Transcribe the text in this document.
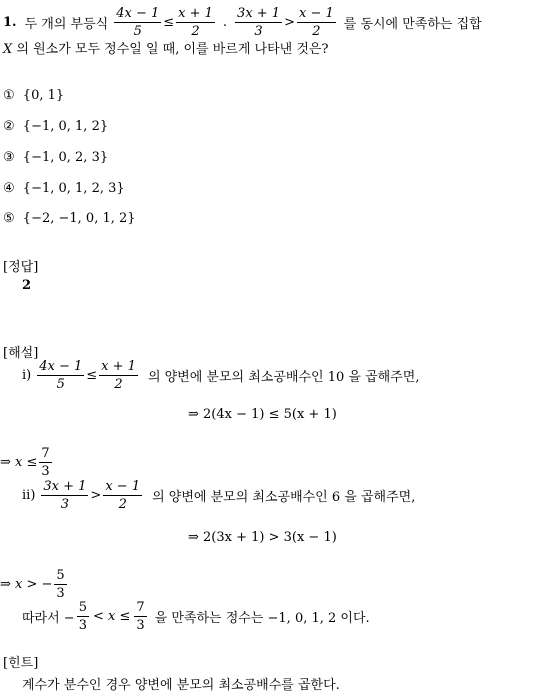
1. 두 개의 부등식 $\frac{4x - 1}{5} \le \frac{x + 1}{2}$ . $\frac{3x + 1}{3} > \frac{x - 1}{2}$ 를 동시에 만족하는 집합
X 의 원소가 모두 정수일 일 때, 이를 바르게 나타낸 것은?
① {0, 1}
② {−1, 0, 1, 2}
③ {−1, 0, 2, 3}
④ {−1, 0, 1, 2, 3}
⑤ {−2, −1, 0, 1, 2}
[정답]
2
[해설]
$i) \frac{4x - 1}{5} \le \frac{x + 1}{2}$ 의 양변에 분모의 최소공배수인 10 을 곱해주면,
⇒ 2(4x − 1) ≤ 5(x + 1)
⇒ $x \le \frac{7}{3}$
$ii) \frac{3x + 1}{3} > \frac{x - 1}{2}$ 의 양변에 분모의 최소공배수인 6 을 곱해주면,
⇒ 2(3x + 1) > 3(x − 1)
⇒ x > − $\frac{5}{3}$
따라서 − $\frac{5}{3} < x \le \frac{7}{3}$ 을 만족하는 정수는 −1, 0, 1, 2 이다.
[힌트]
계수가 분수인 경우 양변에 분모의 최소공배수를 곱한다.
